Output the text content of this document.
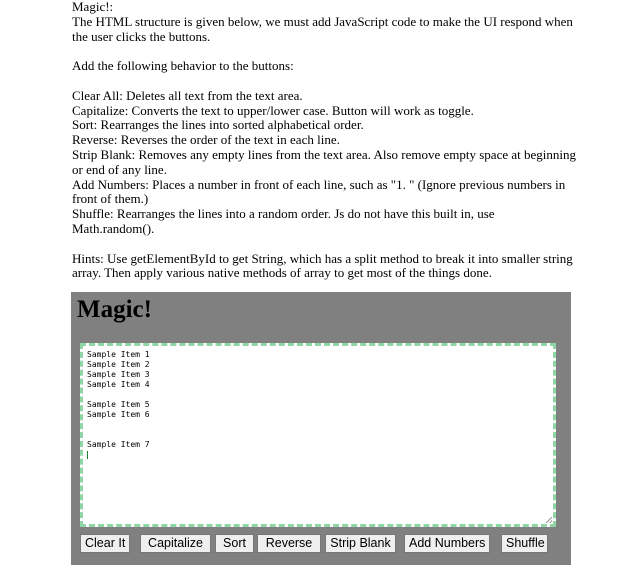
Magic!:

The HTML structure is given below, we must add JavaScript code to make the UI respond when the user clicks the buttons.

Add the following behavior to the buttons:

Clear All: Deletes all text from the text area.

Capitalize: Converts the text to upper/lower case. Button will work as toggle.

Sort: Rearranges the lines into sorted alphabetical order.

Reverse: Reverses the order of the text in each line.

Strip Blank: Removes any empty lines from the text area. Also remove empty space at beginning or end of any line.

Add Numbers: Places a number in front of each line, such as "1. " (Ignore previous numbers in front of them.)

Shuffle: Rearranges the lines into a random order. Js do not have this built in, use Math.random().

Hints: Use getElementById to get String, which has a split method to break it into smaller string array. Then apply various native methods of array to get most of the things done.

Magic!
Sample Item 1
Sample Item 2
Sample Item 3
Sample Item 4

Sample Item 5
Sample Item 6

Sample Item 7
Clear It	Capitalize	Sort	Reverse	Strip Blank	Add Numbers	Shuffle
